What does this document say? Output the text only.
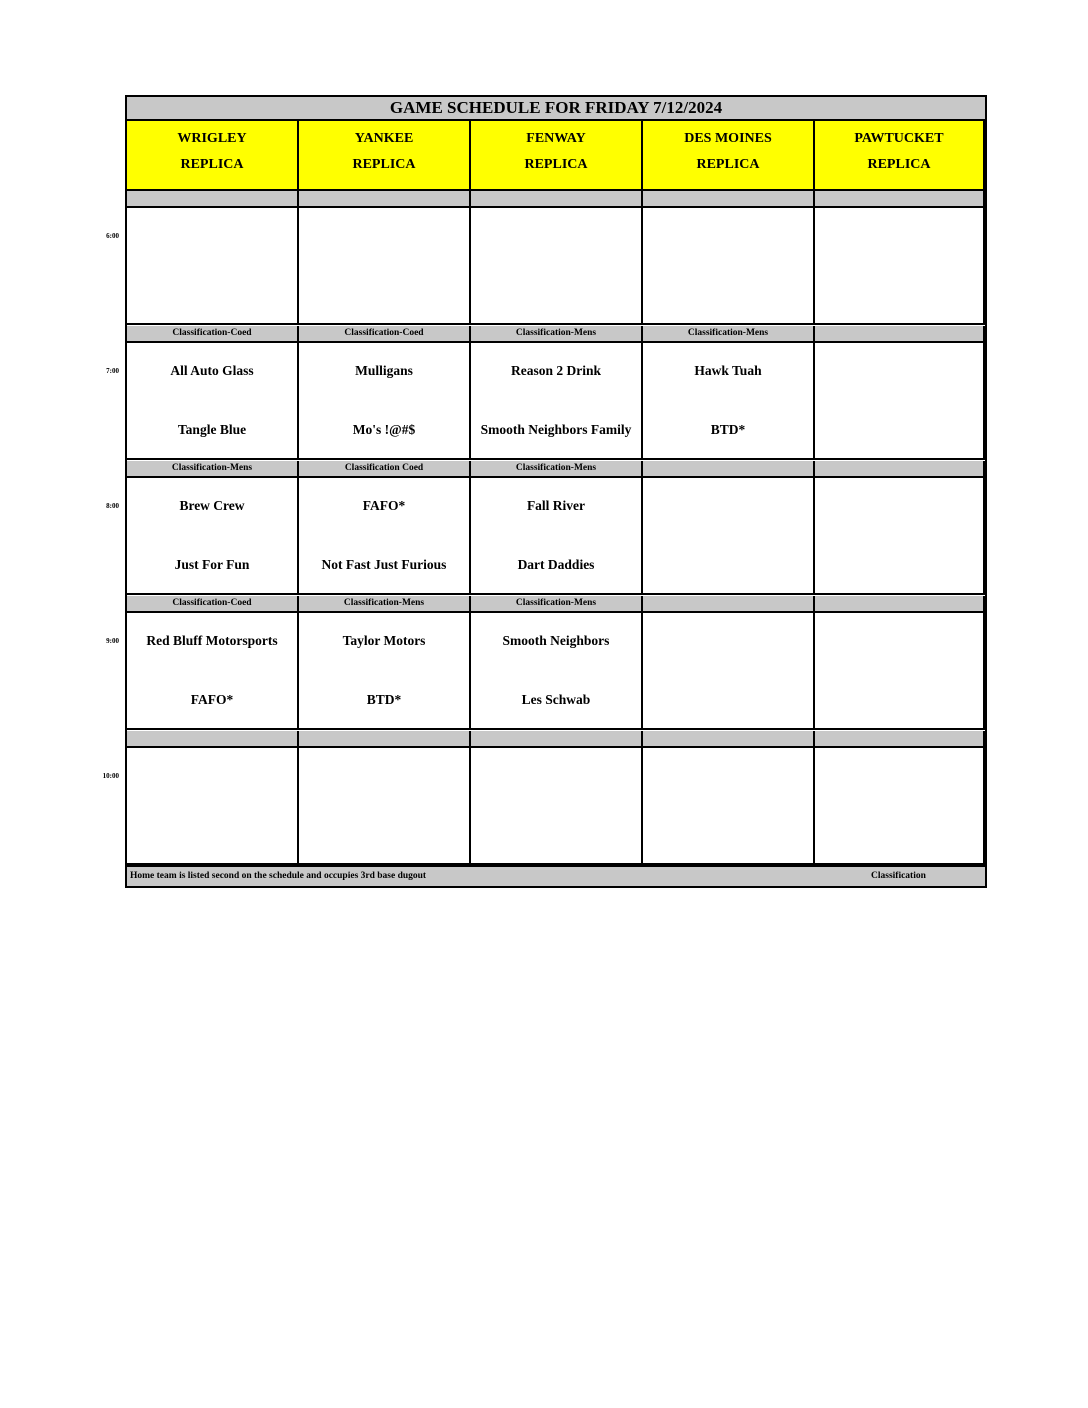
GAME SCHEDULE FOR FRIDAY 7/12/2024
WRIGLEY
REPLICA
YANKEE
REPLICA
FENWAY
REPLICA
DES MOINES
REPLICA
PAWTUCKET
REPLICA
Classification-Coed
All Auto Glass
Tangle Blue
Classification-Coed
Mulligans
Mo's !@#$
Classification-Mens
Reason 2 Drink
Smooth Neighbors Family
Classification-Mens
Hawk Tuah
BTD*
Classification-Mens
Brew Crew
Just For Fun
Classification Coed
FAFO*
Not Fast Just Furious
Classification-Mens
Fall River
Dart Daddies
Classification-Coed
Red Bluff Motorsports
FAFO*
Classification-Mens
Taylor Motors
BTD*
Classification-Mens
Smooth Neighbors
Les Schwab
Home team is listed second on the schedule and occupies 3rd base dugout	Classification
6:00
7:00
8:00
9:00
10:00
